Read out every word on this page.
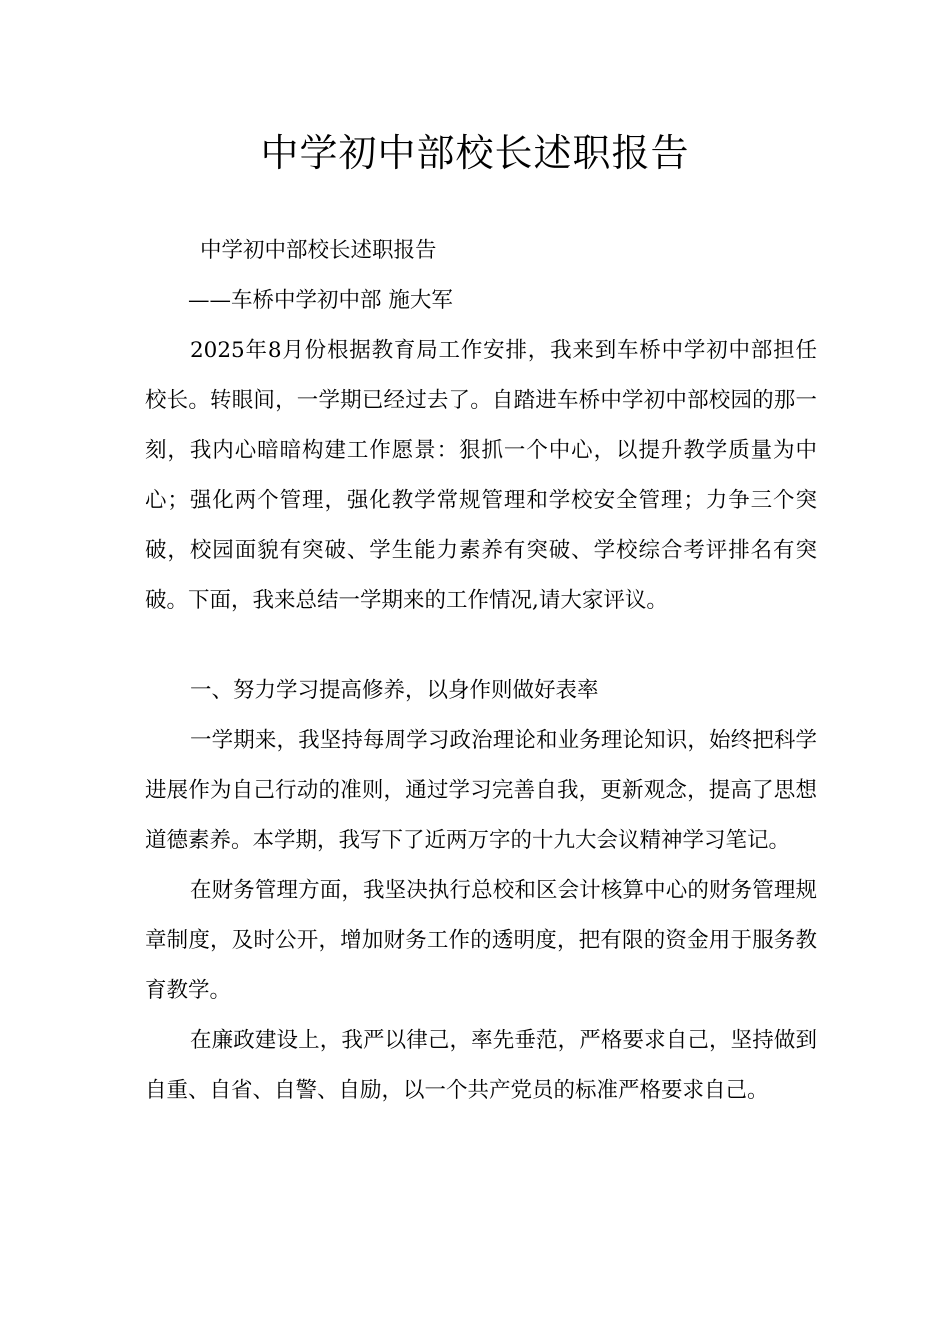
中学初中部校长述职报告

中学初中部校长述职报告

——车桥中学初中部 施大军

2025年8月份根据教育局工作安排，我来到车桥中学初中部担任校长。转眼间，一学期已经过去了。自踏进车桥中学初中部校园的那一刻，我内心暗暗构建工作愿景：狠抓一个中心，以提升教学质量为中心；强化两个管理，强化教学常规管理和学校安全管理；力争三个突破，校园面貌有突破、学生能力素养有突破、学校综合考评排名有突破。下面，我来总结一学期来的工作情况,请大家评议。

一、努力学习提高修养，以身作则做好表率

一学期来，我坚持每周学习政治理论和业务理论知识，始终把科学进展作为自己行动的准则，通过学习完善自我，更新观念，提高了思想道德素养。本学期，我写下了近两万字的十九大会议精神学习笔记。

在财务管理方面，我坚决执行总校和区会计核算中心的财务管理规章制度，及时公开，增加财务工作的透明度，把有限的资金用于服务教育教学。

在廉政建设上，我严以律己，率先垂范，严格要求自己，坚持做到自重、自省、自警、自励，以一个共产党员的标准严格要求自己。
